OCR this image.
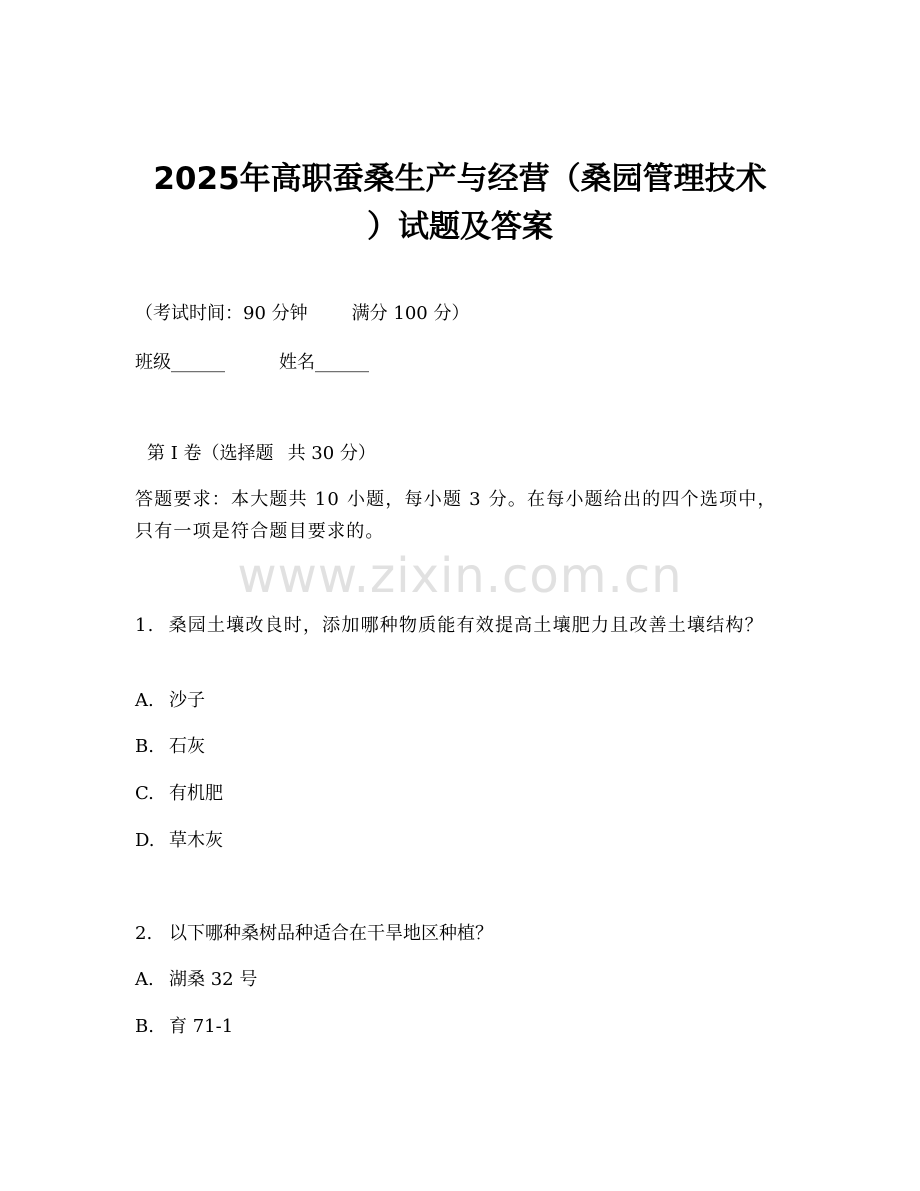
2025年高职蚕桑生产与经营（桑园管理技术
）试题及答案
（考试时间：90 分钟 满分 100 分）
班级______	姓名______
第 I 卷（选择题 共 30 分）
答题要求：本大题共 10 小题，每小题 3 分。在每小题给出的四个选项中，只有一项是符合题目要求的。
www.zixin.com.cn
1. 桑园土壤改良时，添加哪种物质能有效提高土壤肥力且改善土壤结构？
A. 沙子
B. 石灰
C. 有机肥
D. 草木灰
2. 以下哪种桑树品种适合在干旱地区种植？
A. 湖桑 32 号
B. 育 71-1
